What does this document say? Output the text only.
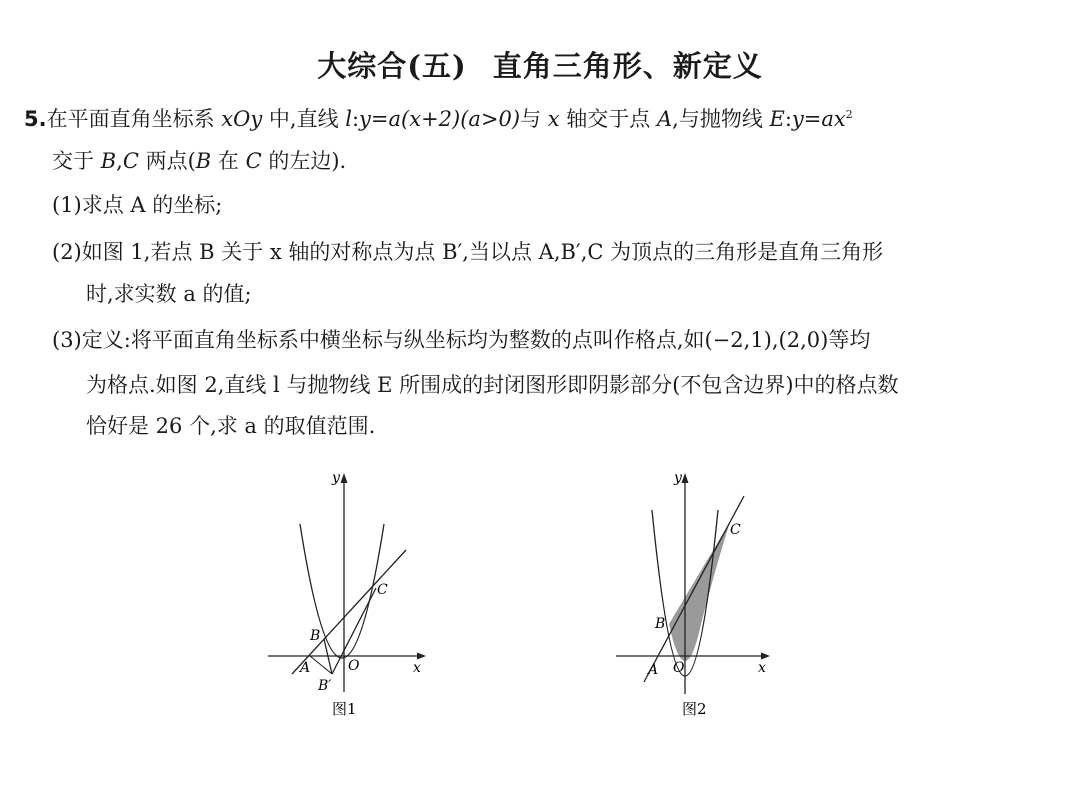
大综合(五) 直角三角形、新定义
5.在平面直角坐标系 xOy 中,直线 l:y=a(x+2)(a>0)与 x 轴交于点 A,与抛物线 $E:y=ax^2$
交于 B,C 两点(B 在 C 的左边).
(1)求点 A 的坐标;
(2)如图 1,若点 B 关于 x 轴的对称点为点 B′,当以点 A,B′,C 为顶点的三角形是直角三角形
时,求实数 a 的值;
(3)定义:将平面直角坐标系中横坐标与纵坐标均为整数的点叫作格点,如(−2,1),(2,0)等均
为格点.如图 2,直线 l 与抛物线 E 所围成的封闭图形即阴影部分(不包含边界)中的格点数
恰好是 26 个,求 a 的取值范围.
y
x
O
A
B
B′
C
图1
y
x
O
A
B
C
图2
